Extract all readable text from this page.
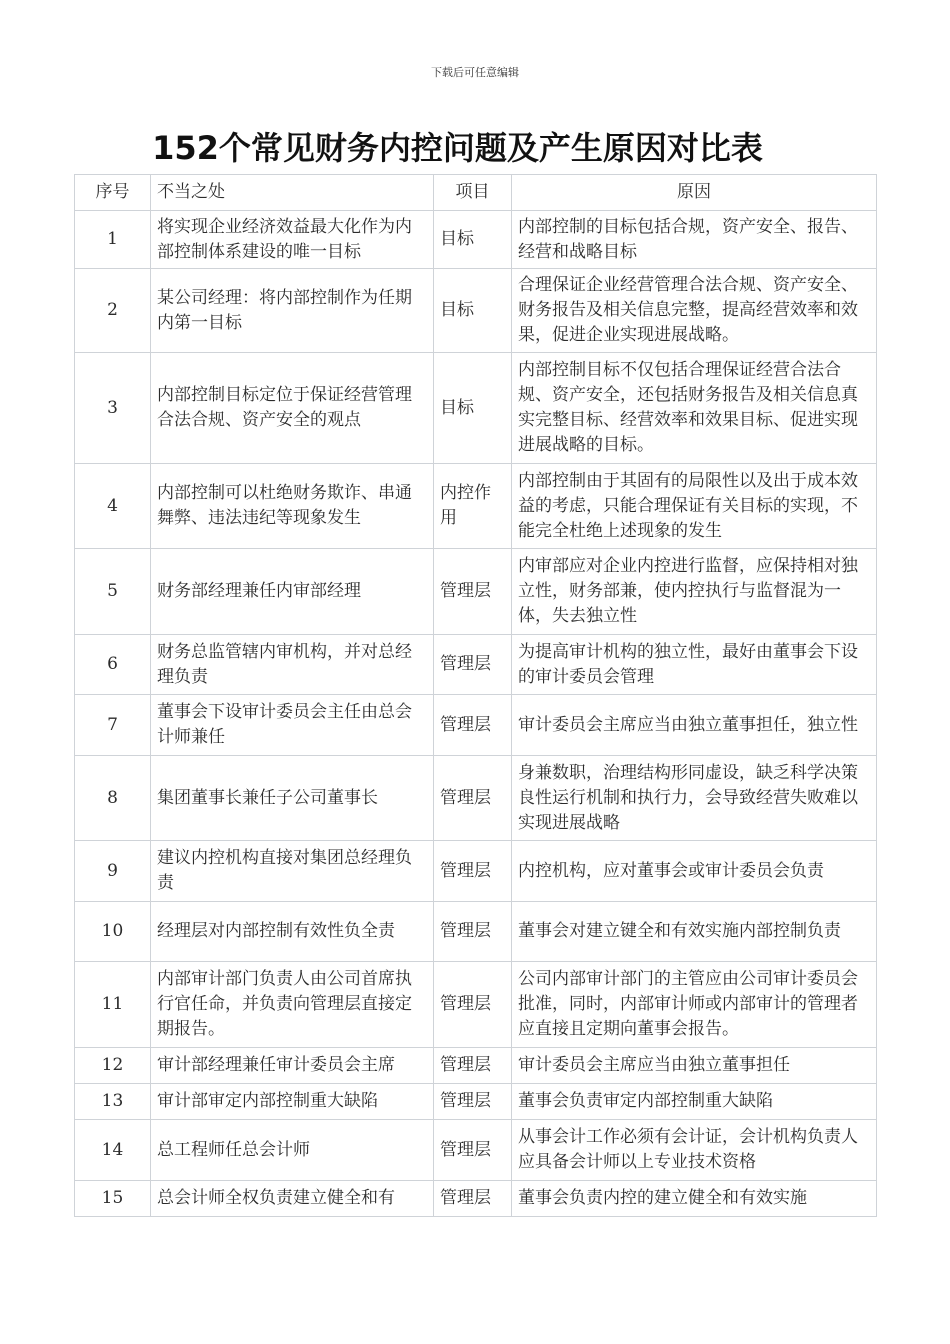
下载后可任意编辑
152个常见财务内控问题及产生原因对比表
序号	不当之处	项目	原因
1	将实现企业经济效益最大化作为内部控制体系建设的唯一目标	目标	内部控制的目标包括合规，资产安全、报告、经营和战略目标
2	某公司经理：将内部控制作为任期内第一目标	目标	合理保证企业经营管理合法合规、资产安全、财务报告及相关信息完整，提高经营效率和效果，促进企业实现进展战略。
3	内部控制目标定位于保证经营管理合法合规、资产安全的观点	目标	内部控制目标不仅包括合理保证经营合法合规、资产安全，还包括财务报告及相关信息真实完整目标、经营效率和效果目标、促进实现进展战略的目标。
4	内部控制可以杜绝财务欺诈、串通舞弊、违法违纪等现象发生	内控作用	内部控制由于其固有的局限性以及出于成本效益的考虑，只能合理保证有关目标的实现，不能完全杜绝上述现象的发生
5	财务部经理兼任内审部经理	管理层	内审部应对企业内控进行监督，应保持相对独立性，财务部兼，使内控执行与监督混为一体，失去独立性
6	财务总监管辖内审机构，并对总经理负责	管理层	为提高审计机构的独立性，最好由董事会下设的审计委员会管理
7	董事会下设审计委员会主任由总会计师兼任	管理层	审计委员会主席应当由独立董事担任，独立性
8	集团董事长兼任子公司董事长	管理层	身兼数职，治理结构形同虚设，缺乏科学决策良性运行机制和执行力，会导致经营失败难以实现进展战略
9	建议内控机构直接对集团总经理负责	管理层	内控机构，应对董事会或审计委员会负责
10	经理层对内部控制有效性负全责	管理层	董事会对建立键全和有效实施内部控制负责
11	内部审计部门负责人由公司首席执行官任命，并负责向管理层直接定期报告。	管理层	公司内部审计部门的主管应由公司审计委员会批准，同时，内部审计师或内部审计的管理者应直接且定期向董事会报告。
12	审计部经理兼任审计委员会主席	管理层	审计委员会主席应当由独立董事担任
13	审计部审定内部控制重大缺陷	管理层	董事会负责审定内部控制重大缺陷
14	总工程师任总会计师	管理层	从事会计工作必须有会计证，会计机构负责人应具备会计师以上专业技术资格
15	总会计师全权负责建立健全和有	管理层	董事会负责内控的建立健全和有效实施
